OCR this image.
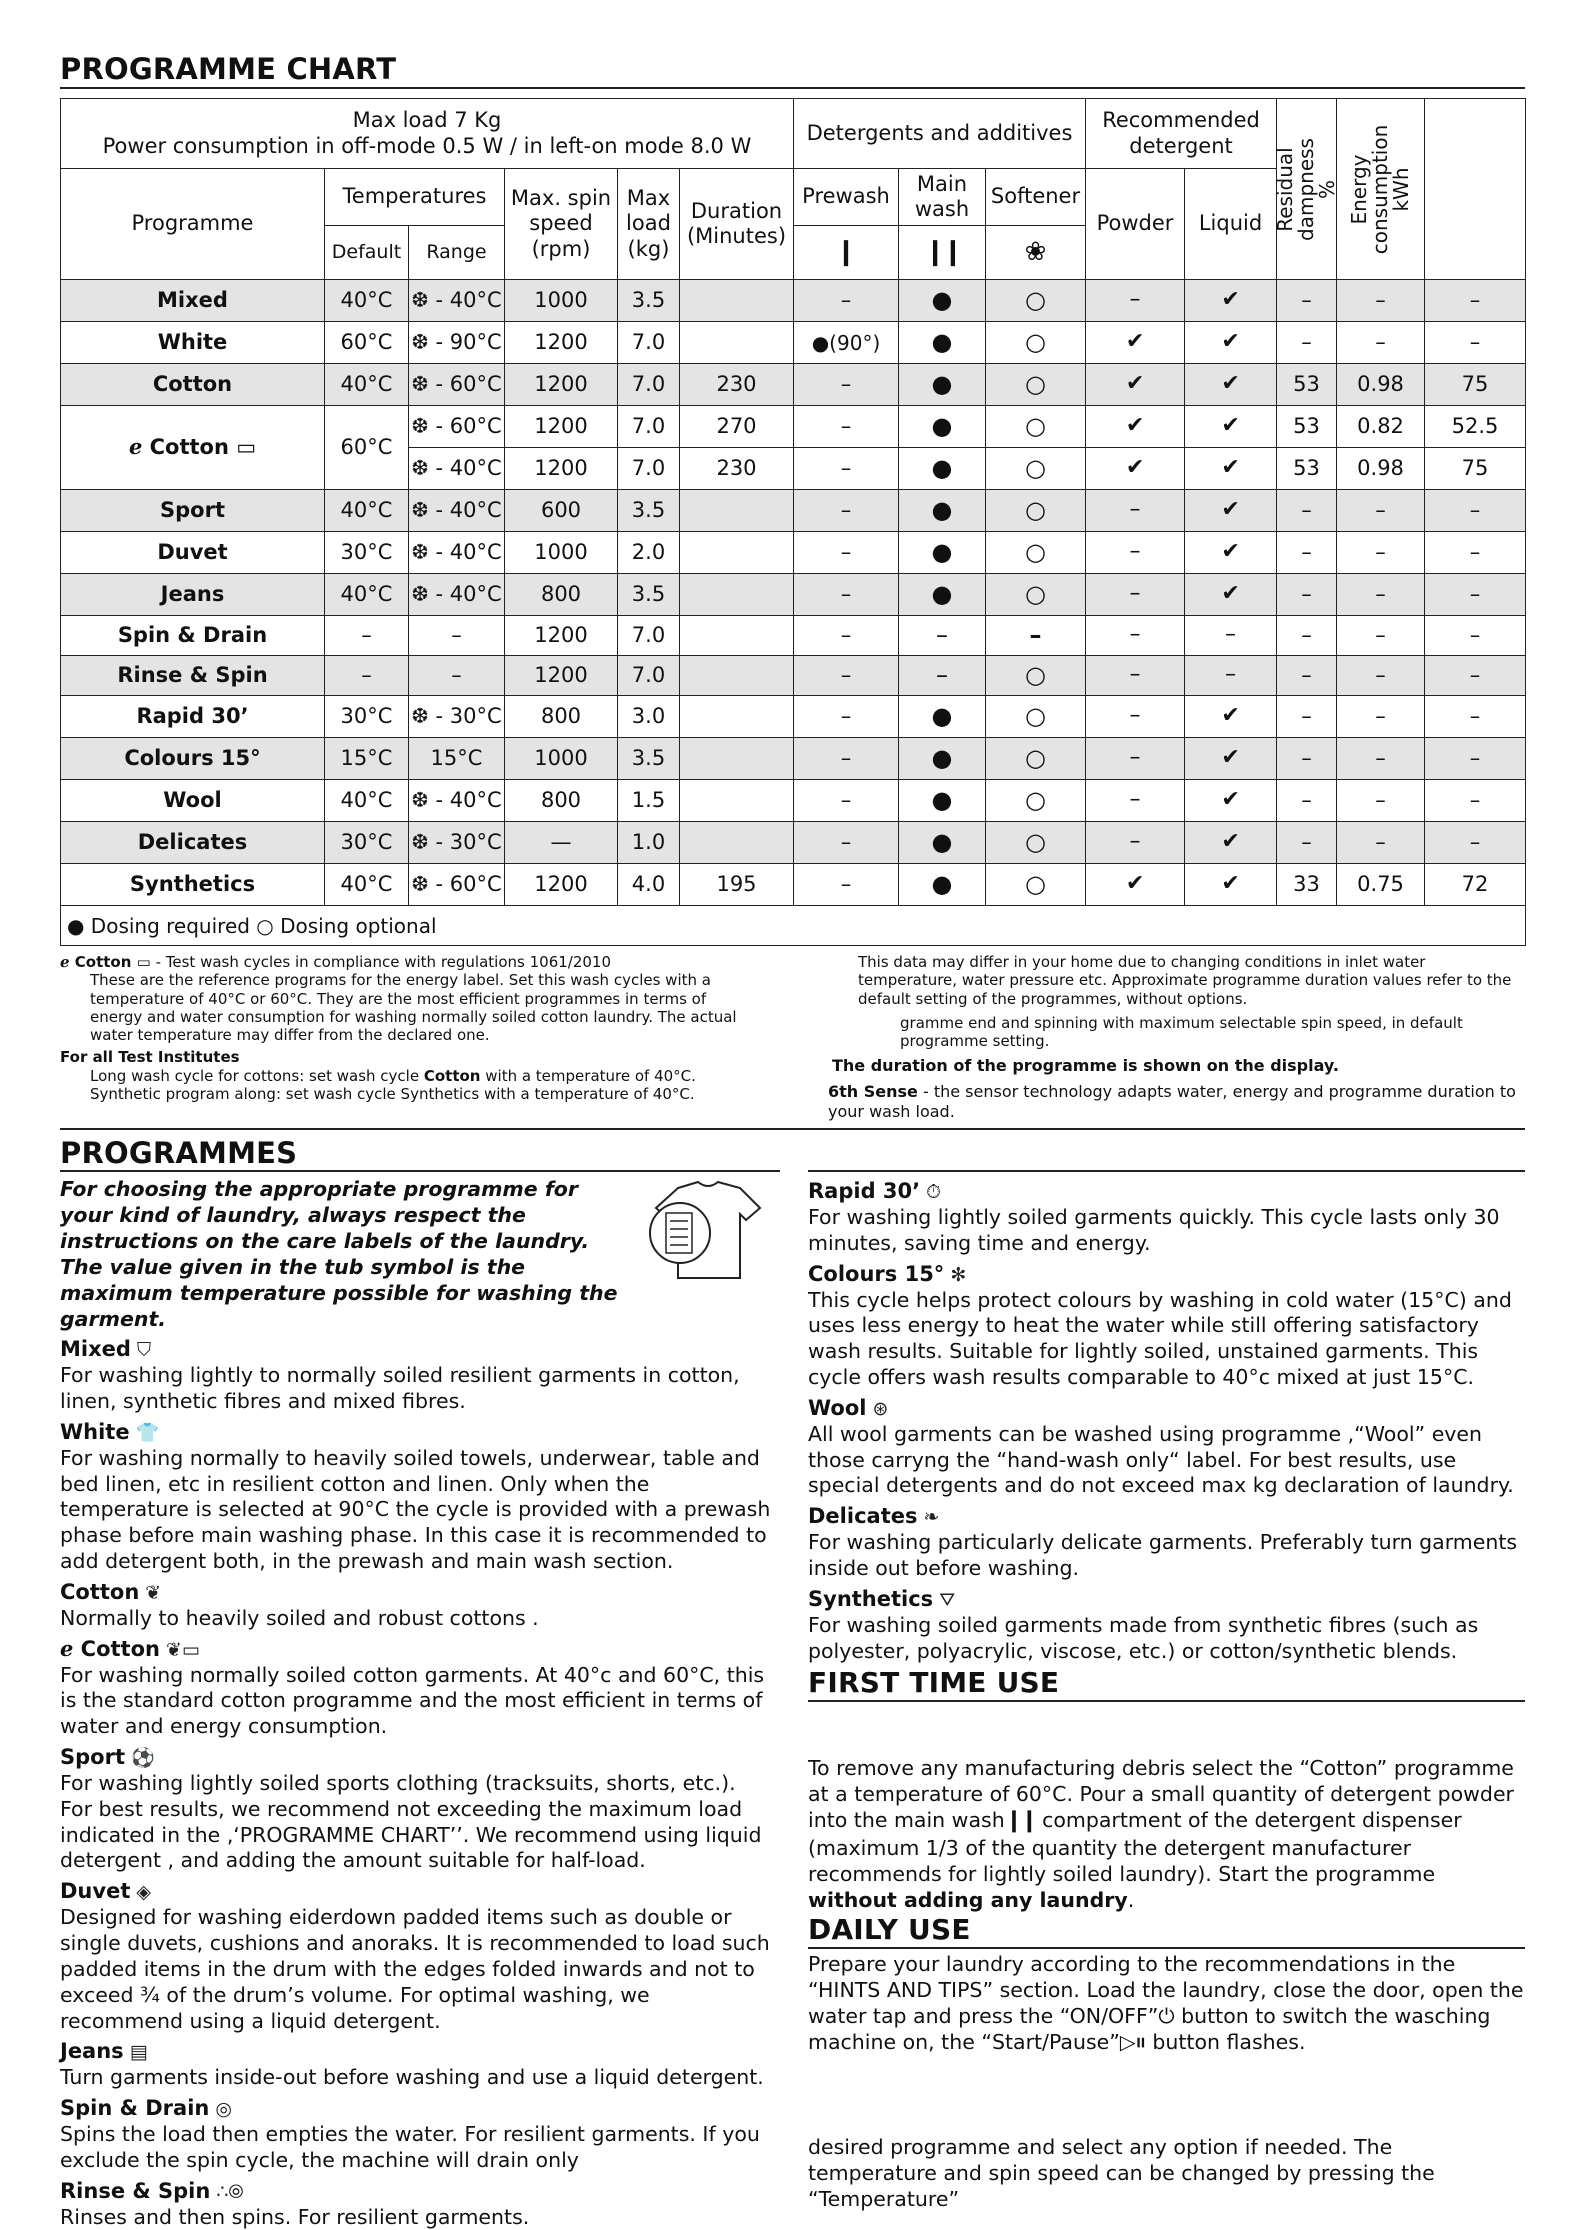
PROGRAMME CHART
Max load 7 Kg
Power consumption in off-mode 0.5 W / in left-on mode 8.0 W						Detergents and additives			Recommended detergent		Residual dampness %	Energy consumption kWh	

Programme	Temperatures		Max. spin speed (rpm)	Max load (kg)	Duration (Minutes)	Prewash	Main wash	Softener	Powder	Liquid			
	Default	Range				❙	❙❙	❀					
Mixed	40°C	❆ - 40°C	1000	3.5		–	●	○	–	✔	–	–	–
White	60°C	❆ - 90°C	1200	7.0		●(90°)	●	○	✔	✔	–	–	–
Cotton	40°C	❆ - 60°C	1200	7.0	230	–	●	○	✔	✔	53	0.98	75
ℯ Cotton ▭	60°C	❆ - 60°C	1200	7.0	270	–	●	○	✔	✔	53	0.82	52.5
		❆ - 40°C	1200	7.0	230	–	●	○	✔	✔	53	0.98	75
Sport	40°C	❆ - 40°C	600	3.5		–	●	○	–	✔	–	–	–
Duvet	30°C	❆ - 40°C	1000	2.0		–	●	○	–	✔	–	–	–
Jeans	40°C	❆ - 40°C	800	3.5		–	●	○	–	✔	–	–	–
Spin & Drain	–	–	1200	7.0		–	–	–	–	–	–	–	–
Rinse & Spin	–	–	1200	7.0		–	–	○	–	–	–	–	–
Rapid 30’	30°C	❆ - 30°C	800	3.0		–	●	○	–	✔	–	–	–
Colours 15°	15°C	15°C	1000	3.5		–	●	○	–	✔	–	–	–
Wool	40°C	❆ - 40°C	800	1.5		–	●	○	–	✔	–	–	–
Delicates	30°C	❆ - 30°C	—	1.0		–	●	○	–	✔	–	–	–
Synthetics	40°C	❆ - 60°C	1200	4.0	195	–	●	○	✔	✔	33	0.75	72
● Dosing required ○ Dosing optional													
ℯ Cotton ▭ - Test wash cycles in compliance with regulations 1061/2010
These are the reference programs for the energy label. Set this wash cycles with a temperature of 40°C or 60°C. They are the most efficient programmes in terms of energy and water consumption for washing normally soiled cotton laundry. The actual water temperature may differ from the declared one.
For all Test Institutes
Long wash cycle for cottons: set wash cycle Cotton with a temperature of 40°C.
Synthetic program along: set wash cycle Synthetics with a temperature of 40°C.
This data may differ in your home due to changing conditions in inlet water temperature, water pressure etc. Approximate programme duration values refer to the default setting of the programmes, without options.
gramme end and spinning with maximum selectable spin speed, in default programme setting.
The duration of the programme is shown on the display.
6th Sense - the sensor technology adapts water, energy and programme duration to your wash load.
PROGRAMMES
For choosing the appropriate programme for your kind of laundry, always respect the instructions on the care labels of the laundry. The value given in the tub symbol is the maximum temperature possible for washing the garment.
Mixed ⛉
For washing lightly to normally soiled resilient garments in cotton, linen, synthetic fibres and mixed fibres.
White 👕
For washing normally to heavily soiled towels, underwear, table and bed linen, etc in resilient cotton and linen. Only when the temperature is selected at 90°C the cycle is provided with a prewash phase before main washing phase. In this case it is recommended to add detergent both, in the prewash and main wash section.
Cotton ❦
Normally to heavily soiled and robust cottons .
ℯ Cotton ❦▭
For washing normally soiled cotton garments. At 40°c and 60°C, this is the standard cotton programme and the most efficient in terms of water and energy consumption.
Sport ⚽
For washing lightly soiled sports clothing (tracksuits, shorts, etc.). For best results, we recommend not exceeding the maximum load indicated in the ‚‘PROGRAMME CHART’’. We recommend using liquid detergent , and adding the amount suitable for half-load.
Duvet ◈
Designed for washing eiderdown padded items such as double or single duvets, cushions and anoraks. It is recommended to load such padded items in the drum with the edges folded inwards and not to exceed ¾ of the drum’s volume. For optimal washing, we recommend using a liquid detergent.
Jeans ▤
Turn garments inside-out before washing and use a liquid detergent.
Spin & Drain ◎
Spins the load then empties the water. For resilient garments. If you exclude the spin cycle, the machine will drain only
Rinse & Spin ∴⦾
Rinses and then spins. For resilient garments.
Rapid 30’ ⏱
For washing lightly soiled garments quickly. This cycle lasts only 30 minutes, saving time and energy.
Colours 15° ✻
This cycle helps protect colours by washing in cold water (15°C) and uses less energy to heat the water while still offering satisfactory wash results. Suitable for lightly soiled, unstained garments. This cycle offers wash results comparable to 40°c mixed at just 15°C.
Wool ⊛
All wool garments can be washed using programme ,“Wool” even those carryng the “hand-wash only“ label. For best results, use special detergents and do not exceed max kg declaration of laundry.
Delicates ❧
For washing particularly delicate garments. Preferably turn garments inside out before washing.
Synthetics ⛛
For washing soiled garments made from synthetic fibres (such as polyester, polyacrylic, viscose, etc.) or cotton/synthetic blends.
FIRST TIME USE
To remove any manufacturing debris select the “Cotton” programme at a temperature of 60°C. Pour a small quantity of detergent powder into the main wash❙❙ compartment of the detergent dispenser (maximum 1/3 of the quantity the detergent manufacturer recommends for lightly soiled laundry). Start the programme without adding any laundry.
DAILY USE
Prepare your laundry according to the recommendations in the “HINTS AND TIPS” section. Load the laundry, close the door, open the water tap and press the “ON/OFF”⏻ button to switch the wasching machine on, the “Start/Pause”▷⏸ button flashes.
desired programme and select any option if needed. The temperature and spin speed can be changed by pressing the “Temperature”
